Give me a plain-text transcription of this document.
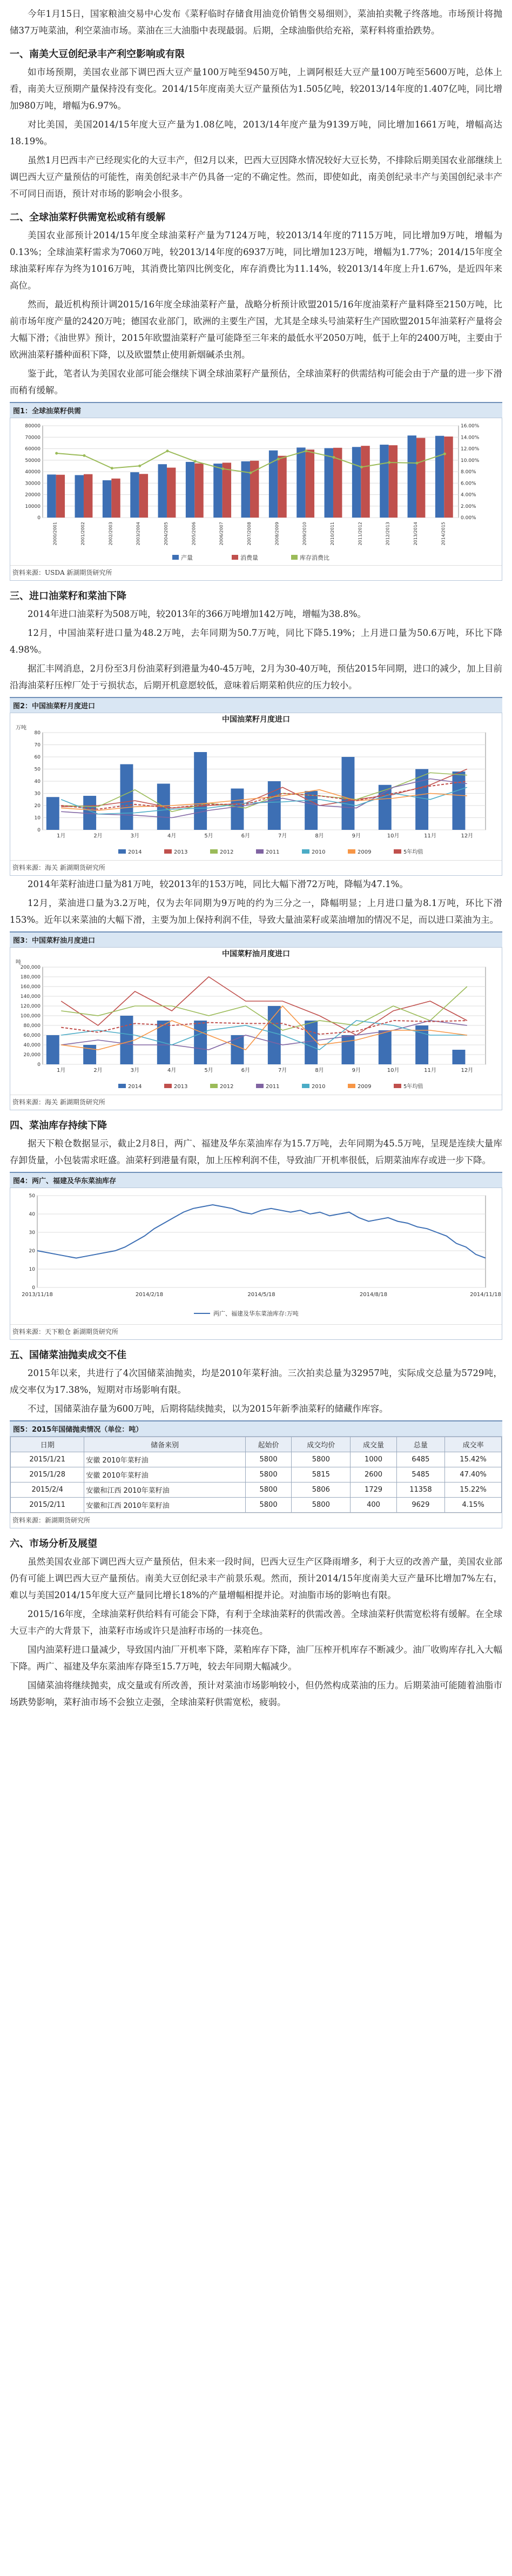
今年1月15日，国家粮油交易中心发布《菜籽临时存储食用油竞价销售交易细则》，菜油拍卖靴子终落地。市场预计将抛储37万吨菜油，利空菜油市场。菜油在三大油脂中表现最弱。后期，全球油脂供给充裕，菜籽料将重拾跌势。

一、南美大豆创纪录丰产利空影响或有限

如市场预期，美国农业部下调巴西大豆产量100万吨至9450万吨，上调阿根廷大豆产量100万吨至5600万吨，总体上看，南美大豆预期产量保持没有变化。2014/15年度南美大豆产量预估为1.505亿吨，较2013/14年度的1.407亿吨，同比增加980万吨，增幅为6.97%。

对比美国，美国2014/15年度大豆产量为1.08亿吨，2013/14年度产量为9139万吨，同比增加1661万吨，增幅高达18.19%。

虽然1月巴西丰产已经现实化的大豆丰产，但2月以来，巴西大豆因降水情况较好大豆长势，不排除后期美国农业部继续上调巴西大豆产量预估的可能性，南美创纪录丰产仍具备一定的不确定性。然而，即使如此，南美创纪录丰产与美国创纪录丰产不可同日而语，预计对市场的影响会小很多。

二、全球油菜籽供需宽松或稍有缓解

美国农业部预计2014/15年度全球油菜籽产量为7124万吨，较2013/14年度的7115万吨，同比增加9万吨，增幅为0.13%；全球油菜籽需求为7060万吨，较2013/14年度的6937万吨，同比增加123万吨，增幅为1.77%；2014/15年度全球油菜籽库存为终为1016万吨，其消费比第四比例变化，库存消费比为11.14%，较2013/14年度上升1.67%，是近四年来高位。

然而，最近机构预计调2015/16年度全球油菜籽产量，战略分析预计欧盟2015/16年度油菜籽产量料降至2150万吨，比前市场年度产量的2420万吨；德国农业部门，欧洲的主要生产国，尤其是全球头号油菜籽生产国欧盟2015年油菜籽产量将会大幅下滑；《油世界》预计，2015年欧盟油菜籽产量可能降至三年来的最低水平2050万吨，低于上年的2400万吨，主要由于欧洲油菜籽播种面积下降，以及欧盟禁止使用新烟碱杀虫剂。

鉴于此，笔者认为美国农业部可能会继续下调全球油菜籽产量预估，全球油菜籽的供需结构可能会由于产量的进一步下滑而稍有缓解。

图1：全球油菜籽供需
0
10000
20000
30000
40000
50000
60000
70000
80000
0.00%
2.00%
4.00%
6.00%
8.00%
10.00%
12.00%
14.00%
16.00%
2000/2001	2001/2002	2002/2003	2003/2004	2004/2005	2005/2006	2006/2007	2007/2008	2008/2009	2009/2010	2010/2011	2011/2012	2012/2013	2013/2014	2014/2015
产量	消费量	库存消费比
资料来源：USDA 新湖期货研究所
三、进口油菜籽和菜油下降

2014年进口油菜籽为508万吨，较2013年的366万吨增加142万吨，增幅为38.8%。

12月，中国油菜籽进口量为48.2万吨，去年同期为50.7万吨，同比下降5.19%；上月进口量为50.6万吨，环比下降4.98%。

据汇丰网消息，2月份至3月份油菜籽到港量为40-45万吨，2月为30-40万吨，预估2015年同期，进口的减少，加上目前沿海油菜籽压榨厂处于亏损状态，后期开机意愿较低，意味着后期菜粕供应的压力较小。

图2：中国油菜籽月度进口
中国油菜籽月度进口
万吨
0
10
20
30
40
50
60
70
80
1月	2月	3月	4月	5月	6月	7月	8月	9月	10月	11月	12月
2014	2013	2012	2011	2010	2009	5年均值
资料来源：海关 新湖期货研究所

2014年菜籽油进口量为81万吨，较2013年的153万吨，同比大幅下滑72万吨，降幅为47.1%。

12月，菜油进口量为3.2万吨，仅为去年同期为9万吨的约为三分之一，降幅明显；上月进口量为8.1万吨，环比下滑153%。近年以来菜油的大幅下滑，主要为加上保持利润不佳，导致大量油菜籽或菜油增加的情况不足，而以进口菜油为主。

图3：中国菜籽油月度进口
中国菜籽油月度进口
吨
0
20,000
40,000
60,000
80,000
100,000
120,000
140,000
160,000
180,000
200,000
1月	2月	3月	4月	5月	6月	7月	8月	9月	10月	11月	12月
2014	2013	2012	2011	2010	2009	5年均值
资料来源：海关 新湖期货研究所
四、菜油库存持续下降

据天下粮仓数据显示，截止2月8日，两广、福建及华东菜油库存为15.7万吨，去年同期为45.5万吨，呈现是连续大量库存卸货量，小包装需求旺盛。油菜籽到港量有限，加上压榨利润不佳，导致油厂开机率很低，后期菜油库存或进一步下降。

图4：两广、福建及华东菜油库存
0
10
20
30
40
50
2013/11/18	2014/2/18	2014/5/18	2014/8/18	2014/11/18
两广、福建及华东菜油库存:万吨
资料来源：天下粮仓 新湖期货研究所
五、国储菜油抛卖成交不佳

2015年以来，共进行了4次国储菜油抛卖，均是2010年菜籽油。三次拍卖总量为32957吨，实际成交总量为5729吨，成交率仅为17.38%，短期对市场影响有限。

不过，国储菜油存量为600万吨，后期将陆续抛卖，以为2015年新季油菜籽的储藏作库容。

图5：2015年国储抛卖情况（单位：吨）
日期	储备来别	起始价	成交均价	成交量	总量	成交率
2015/1/21	安徽 2010年菜籽油	5800	5800	1000	6485	15.42%
2015/1/28	安徽 2010年菜籽油	5800	5815	2600	5485	47.40%
2015/2/4	安徽和江西 2010年菜籽油	5800	5806	1729	11358	15.22%
2015/2/11	安徽和江西 2010年菜籽油	5800	5800	400	9629	4.15%
资料来源：新湖期货研究所
六、市场分析及展望

虽然美国农业部下调巴西大豆产量预估，但未来一段时间，巴西大豆生产区降雨增多，利于大豆的改善产量，美国农业部仍有可能上调巴西大豆产量预估。南美大豆创纪录丰产前景乐观。然而，预计2014/15年度南美大豆产量环比增加7%左右，难以与美国2014/15年度大豆产量同比增长18%的产量增幅相提并论。对油脂市场的影响也有限。

2015/16年度，全球油菜籽供给料有可能会下降，有利于全球油菜籽的供需改善。全球油菜籽供需宽松将有缓解。在全球大豆丰产的大背景下，油菜籽市场或许只是油籽市场的一抹亮色。

国内油菜籽进口量减少，导致国内油厂开机率下降，菜粕库存下降，油厂压榨开机库存不断减少。油厂收购库存扎入大幅下降。两广、福建及华东菜油库存降至15.7万吨，较去年同期大幅减少。

国储菜油将继续抛卖，成交量或有所改善，预计对菜油市场影响较小，但仍然构成菜油的压力。后期菜油可能随着油脂市场跌势影响，菜籽油市场不会独立走强，全球油菜籽供需宽松，疲弱。
